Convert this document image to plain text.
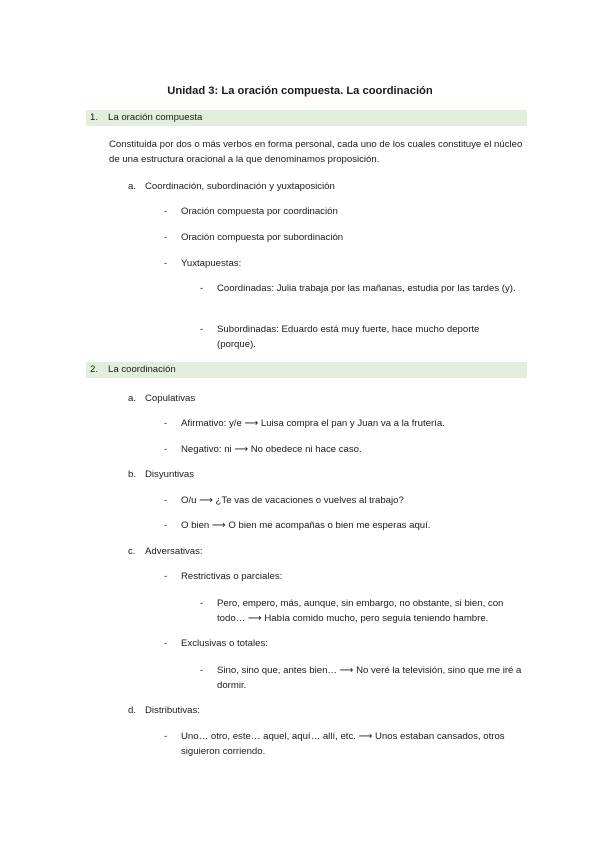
Unidad 3: La oración compuesta. La coordinación
1. La oración compuesta
Constituida por dos o más verbos en forma personal, cada uno de los cuales constituye el núcleo de una estructura oracional a la que denominamos proposición.
a. Coordinación, subordinación y yuxtaposición
- Oración compuesta por coordinación
- Oración compuesta por subordinación
- Yuxtapuestas:
- Coordinadas: Julia trabaja por las mañanas, estudia por las tardes (y).
- Subordinadas: Eduardo está muy fuerte, hace mucho deporte (porque).
2. La coordinación
a. Copulativas
- Afirmativo: y/e ⟶ Luisa compra el pan y Juan va a la frutería.
- Negativo: ni ⟶ No obedece ni hace caso.
b. Disyuntivas
- O/u ⟶ ¿Te vas de vacaciones o vuelves al trabajo?
- O bien ⟶ O bien me acompañas o bien me esperas aquí.
c. Adversativas:
- Restrictivas o parciales:
- Pero, empero, más, aunque, sin embargo, no obstante, si bien, con todo… ⟶ Había comido mucho, pero seguía teniendo hambre.
- Exclusivas o totales:
- Sino, sino que, antes bien… ⟶ No veré la televisión, sino que me iré a dormir.
d. Distributivas:
- Uno… otro, este… aquel, aquí… allí, etc. ⟶ Unos estaban cansados, otros siguieron corriendo.
